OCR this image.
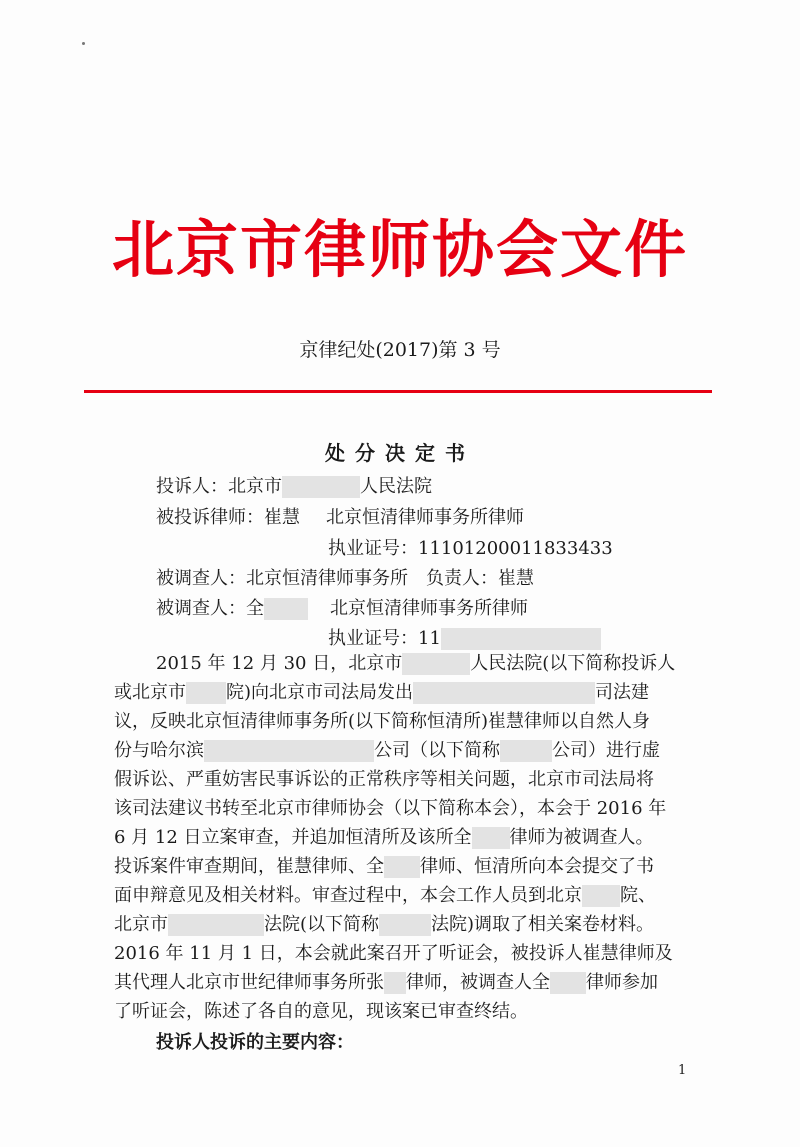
北京市律师协会文件
京律纪处(2017)第 3 号
处分决定书
投诉人：北京市	人民法院
被投诉律师：崔慧 北京恒清律师事务所律师
执业证号：11101200011833433
被调查人：北京恒清律师事务所 负责人：崔慧
被调查人：全	北京恒清律师事务所律师
执业证号：11
2015 年 12 月 30 日，北京市	人民法院(以下简称投诉人
或北京市 院)向北京市司法局发出	司法建
议，反映北京恒清律师事务所(以下简称恒清所)崔慧律师以自然人身
份与哈尔滨	公司（以下简称	公司）进行虚
假诉讼、严重妨害民事诉讼的正常秩序等相关问题，北京市司法局将
该司法建议书转至北京市律师协会（以下简称本会），本会于 2016 年
6 月 12 日立案审查，并追加恒清所及该所全 律师为被调查人。
投诉案件审查期间，崔慧律师、全 律师、恒清所向本会提交了书
面申辩意见及相关材料。审查过程中，本会工作人员到北京 院、
北京市	法院(以下简称	法院)调取了相关案卷材料。
2016 年 11 月 1 日，本会就此案召开了听证会，被投诉人崔慧律师及
其代理人北京市世纪律师事务所张 律师，被调查人全 律师参加
了听证会，陈述了各自的意见，现该案已审查终结。
投诉人投诉的主要内容：
1
